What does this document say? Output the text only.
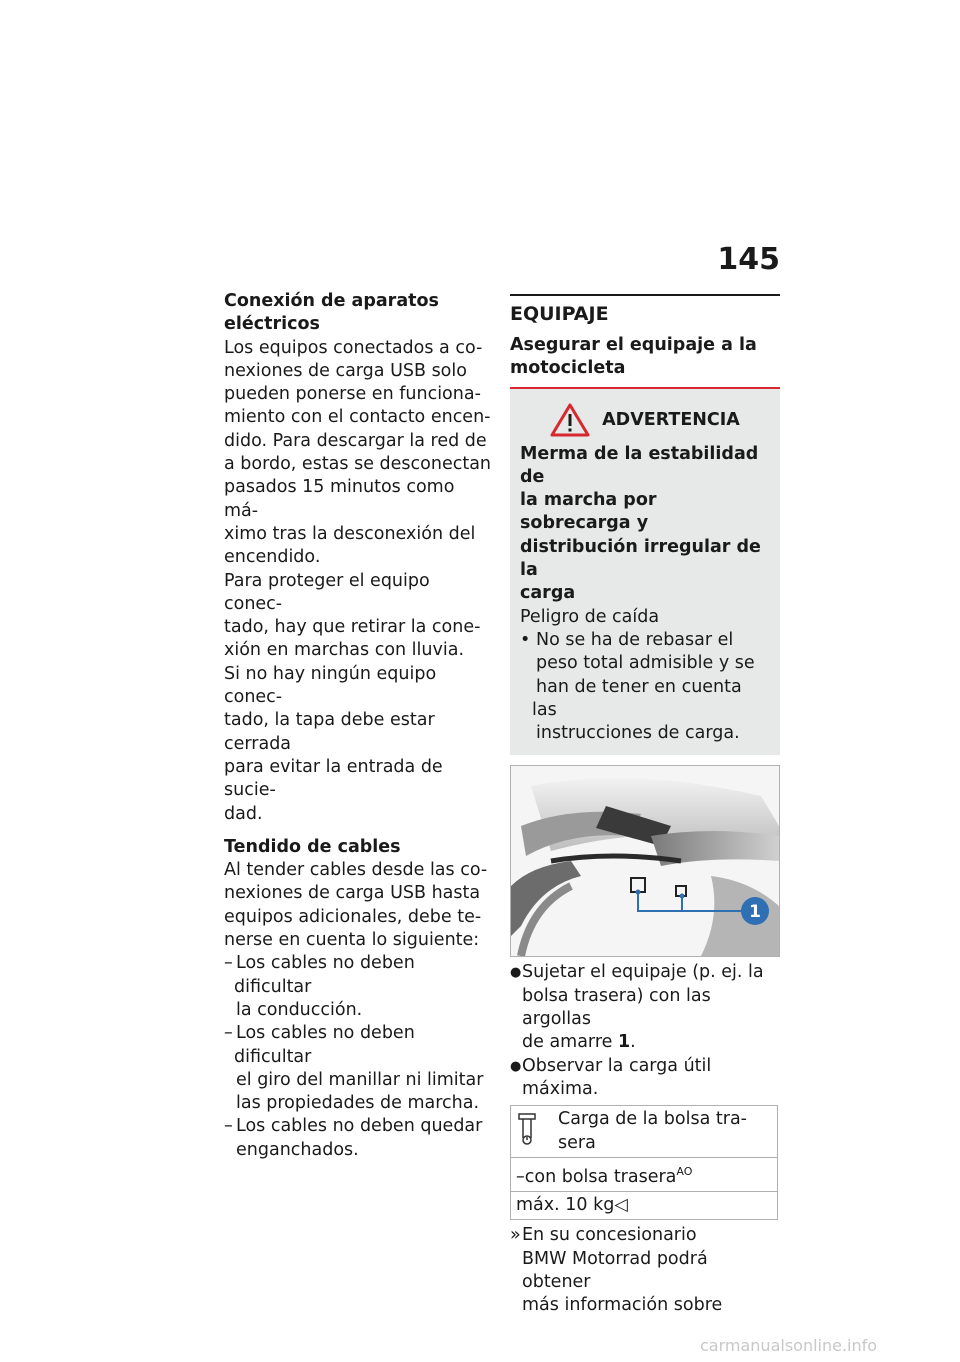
145

Conexión de aparatos
eléctricos

Los equipos conectados a co-
nexiones de carga USB solo
pueden ponerse en funciona-
miento con el contacto encen-
dido. Para descargar la red de
a bordo, estas se desconectan
pasados 15 minutos como má-
ximo tras la desconexión del
encendido.

Para proteger el equipo conec-
tado, hay que retirar la cone-
xión en marchas con lluvia.

Si no hay ningún equipo conec-
tado, la tapa debe estar cerrada
para evitar la entrada de sucie-
dad.

Tendido de cables

Al tender cables desde las co-
nexiones de carga USB hasta
equipos adicionales, debe te-
nerse en cuenta lo siguiente:

– Los cables no deben dificultar
la conducción.
– Los cables no deben dificultar
el giro del manillar ni limitar
las propiedades de marcha.
– Los cables no deben quedar
enganchados.
EQUIPAJE
Asegurar el equipaje a la
motocicleta
ADVERTENCIA

Merma de la estabilidad de
la marcha por sobrecarga y
distribución irregular de la
carga

Peligro de caída

• No se ha de rebasar el
peso total admisible y se
han de tener en cuenta las
instrucciones de carga.
1
● Sujetar el equipaje (p. ej. la
bolsa trasera) con las argollas
de amarre 1.
● Observar la carga útil máxima.
Carga de la bolsa tra-
sera

–con bolsa trasera$^{AO}$
máx. 10 kg◁
» En su concesionario
BMW Motorrad podrá obtener
más información sobre
carmanualsonline.info
